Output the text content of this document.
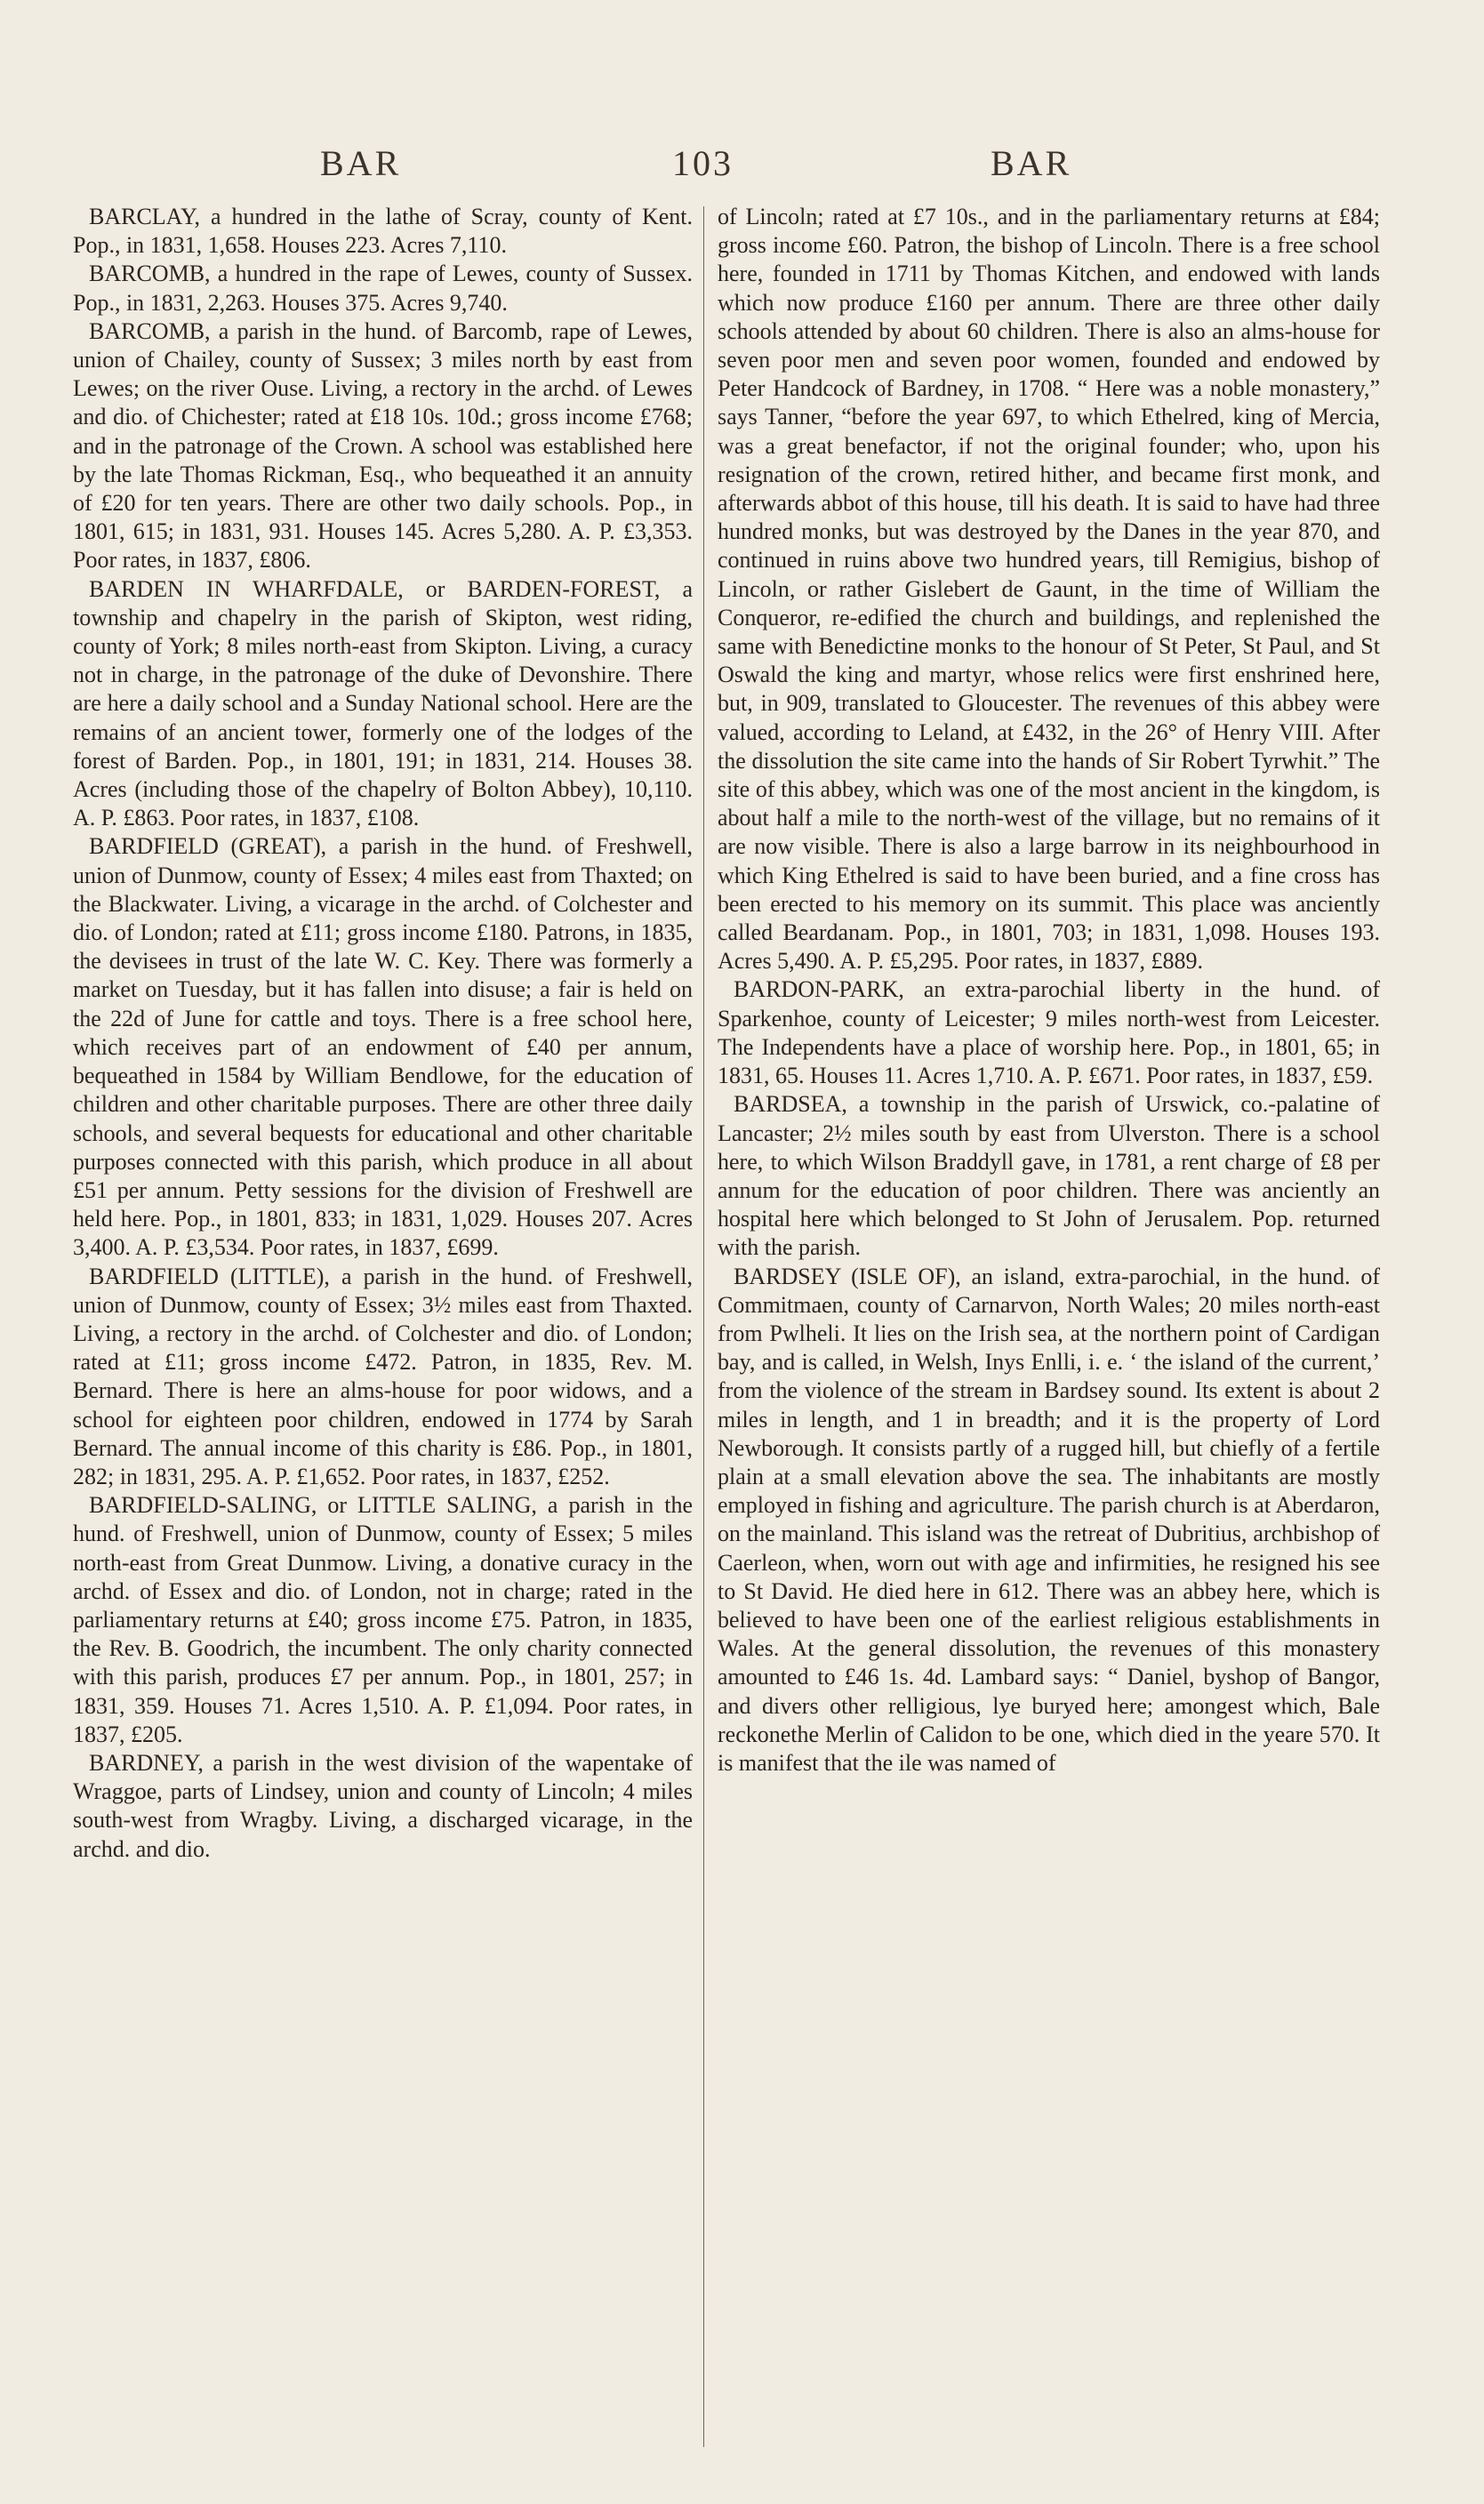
BAR	103	BAR

BARCLAY, a hundred in the lathe of Scray, county of Kent. Pop., in 1831, 1,658. Houses 223. Acres 7,110.

BARCOMB, a hundred in the rape of Lewes, county of Sussex. Pop., in 1831, 2,263. Houses 375. Acres 9,740.

BARCOMB, a parish in the hund. of Barcomb, rape of Lewes, union of Chailey, county of Sussex; 3 miles north by east from Lewes; on the river Ouse. Living, a rectory in the archd. of Lewes and dio. of Chichester; rated at £18 10s. 10d.; gross income £768; and in the patronage of the Crown. A school was established here by the late Thomas Rickman, Esq., who bequeathed it an annuity of £20 for ten years. There are other two daily schools. Pop., in 1801, 615; in 1831, 931. Houses 145. Acres 5,280. A. P. £3,353. Poor rates, in 1837, £806.

BARDEN IN WHARFDALE, or BARDEN-FOREST, a township and chapelry in the parish of Skipton, west riding, county of York; 8 miles north-east from Skipton. Living, a curacy not in charge, in the patronage of the duke of Devonshire. There are here a daily school and a Sunday National school. Here are the remains of an ancient tower, formerly one of the lodges of the forest of Barden. Pop., in 1801, 191; in 1831, 214. Houses 38. Acres (including those of the chapelry of Bolton Abbey), 10,110. A. P. £863. Poor rates, in 1837, £108.

BARDFIELD (GREAT), a parish in the hund. of Freshwell, union of Dunmow, county of Essex; 4 miles east from Thaxted; on the Blackwater. Living, a vicarage in the archd. of Colchester and dio. of London; rated at £11; gross income £180. Patrons, in 1835, the devisees in trust of the late W. C. Key. There was formerly a market on Tuesday, but it has fallen into disuse; a fair is held on the 22d of June for cattle and toys. There is a free school here, which receives part of an endowment of £40 per annum, bequeathed in 1584 by William Bendlowe, for the education of children and other charitable purposes. There are other three daily schools, and several bequests for educational and other charitable purposes connected with this parish, which produce in all about £51 per annum. Petty sessions for the division of Freshwell are held here. Pop., in 1801, 833; in 1831, 1,029. Houses 207. Acres 3,400. A. P. £3,534. Poor rates, in 1837, £699.

BARDFIELD (LITTLE), a parish in the hund. of Freshwell, union of Dunmow, county of Essex; 3½ miles east from Thaxted. Living, a rectory in the archd. of Colchester and dio. of London; rated at £11; gross income £472. Patron, in 1835, Rev. M. Bernard. There is here an alms-house for poor widows, and a school for eighteen poor children, endowed in 1774 by Sarah Bernard. The annual income of this charity is £86. Pop., in 1801, 282; in 1831, 295. A. P. £1,652. Poor rates, in 1837, £252.

BARDFIELD-SALING, or LITTLE SALING, a parish in the hund. of Freshwell, union of Dunmow, county of Essex; 5 miles north-east from Great Dunmow. Living, a donative curacy in the archd. of Essex and dio. of London, not in charge; rated in the parliamentary returns at £40; gross income £75. Patron, in 1835, the Rev. B. Goodrich, the incumbent. The only charity connected with this parish, produces £7 per annum. Pop., in 1801, 257; in 1831, 359. Houses 71. Acres 1,510. A. P. £1,094. Poor rates, in 1837, £205.

BARDNEY, a parish in the west division of the wapentake of Wraggoe, parts of Lindsey, union and county of Lincoln; 4 miles south-west from Wragby. Living, a discharged vicarage, in the archd. and dio.

of Lincoln; rated at £7 10s., and in the parliamentary returns at £84; gross income £60. Patron, the bishop of Lincoln. There is a free school here, founded in 1711 by Thomas Kitchen, and endowed with lands which now produce £160 per annum. There are three other daily schools attended by about 60 children. There is also an alms-house for seven poor men and seven poor women, founded and endowed by Peter Handcock of Bardney, in 1708. “ Here was a noble monastery,” says Tanner, “before the year 697, to which Ethelred, king of Mercia, was a great benefactor, if not the original founder; who, upon his resignation of the crown, retired hither, and became first monk, and afterwards abbot of this house, till his death. It is said to have had three hundred monks, but was destroyed by the Danes in the year 870, and continued in ruins above two hundred years, till Remigius, bishop of Lincoln, or rather Gislebert de Gaunt, in the time of William the Conqueror, re-edified the church and buildings, and replenished the same with Benedictine monks to the honour of St Peter, St Paul, and St Oswald the king and martyr, whose relics were first enshrined here, but, in 909, translated to Gloucester. The revenues of this abbey were valued, according to Leland, at £432, in the 26° of Henry VIII. After the dissolution the site came into the hands of Sir Robert Tyrwhit.” The site of this abbey, which was one of the most ancient in the kingdom, is about half a mile to the north-west of the village, but no remains of it are now visible. There is also a large barrow in its neighbourhood in which King Ethelred is said to have been buried, and a fine cross has been erected to his memory on its summit. This place was anciently called Beardanam. Pop., in 1801, 703; in 1831, 1,098. Houses 193. Acres 5,490. A. P. £5,295. Poor rates, in 1837, £889.

BARDON-PARK, an extra-parochial liberty in the hund. of Sparkenhoe, county of Leicester; 9 miles north-west from Leicester. The Independents have a place of worship here. Pop., in 1801, 65; in 1831, 65. Houses 11. Acres 1,710. A. P. £671. Poor rates, in 1837, £59.

BARDSEA, a township in the parish of Urswick, co.-palatine of Lancaster; 2½ miles south by east from Ulverston. There is a school here, to which Wilson Braddyll gave, in 1781, a rent charge of £8 per annum for the education of poor children. There was anciently an hospital here which belonged to St John of Jerusalem. Pop. returned with the parish.

BARDSEY (ISLE OF), an island, extra-parochial, in the hund. of Commitmaen, county of Carnarvon, North Wales; 20 miles north-east from Pwlheli. It lies on the Irish sea, at the northern point of Cardigan bay, and is called, in Welsh, Inys Enlli, i. e. ‘ the island of the current,’ from the violence of the stream in Bardsey sound. Its extent is about 2 miles in length, and 1 in breadth; and it is the property of Lord Newborough. It consists partly of a rugged hill, but chiefly of a fertile plain at a small elevation above the sea. The inhabitants are mostly employed in fishing and agriculture. The parish church is at Aberdaron, on the mainland. This island was the retreat of Dubritius, archbishop of Caerleon, when, worn out with age and infirmities, he resigned his see to St David. He died here in 612. There was an abbey here, which is believed to have been one of the earliest religious establishments in Wales. At the general dissolution, the revenues of this monastery amounted to £46 1s. 4d. Lambard says: “ Daniel, byshop of Bangor, and divers other relligious, lye buryed here; amongest which, Bale reckonethe Merlin of Calidon to be one, which died in the yeare 570. It is manifest that the ile was named of
